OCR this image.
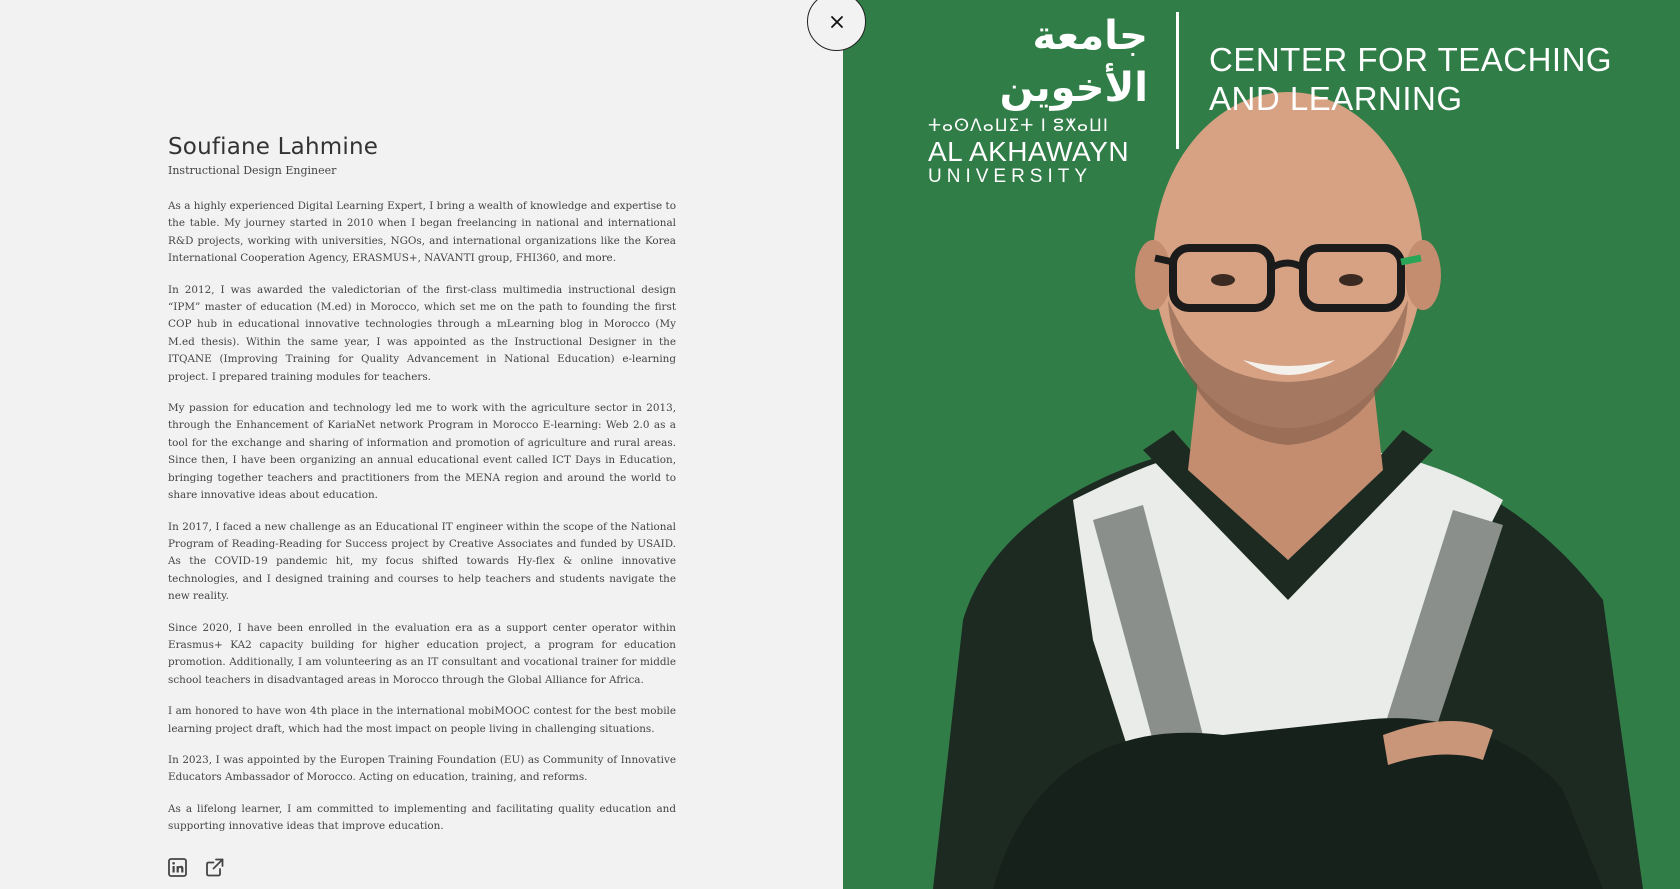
Soufiane Lahmine
Instructional Design Engineer

As a highly experienced Digital Learning Expert, I bring a wealth of knowledge and expertise to the table. My journey started in 2010 when I began freelancing in national and international R&D projects, working with universities, NGOs, and international organizations like the Korea International Cooperation Agency, ERASMUS+, NAVANTI group, FHI360, and more.

In 2012, I was awarded the valedictorian of the first-class multimedia instructional design “IPM” master of education (M.ed) in Morocco, which set me on the path to founding the first COP hub in educational innovative technologies through a mLearning blog in Morocco (My M.ed thesis). Within the same year, I was appointed as the Instructional Designer in the ITQANE (Improving Training for Quality Advancement in National Education) e-learning project. I prepared training modules for teachers.

My passion for education and technology led me to work with the agriculture sector in 2013, through the Enhancement of KariaNet network Program in Morocco E-learning: Web 2.0 as a tool for the exchange and sharing of information and promotion of agriculture and rural areas. Since then, I have been organizing an annual educational event called ICT Days in Education, bringing together teachers and practitioners from the MENA region and around the world to share innovative ideas about education.

In 2017, I faced a new challenge as an Educational IT engineer within the scope of the National Program of Reading-Reading for Success project by Creative Associates and funded by USAID. As the COVID-19 pandemic hit, my focus shifted towards Hy-flex & online innovative technologies, and I designed training and courses to help teachers and students navigate the new reality.

Since 2020, I have been enrolled in the evaluation era as a support center operator within Erasmus+ KA2 capacity building for higher education project, a program for education promotion. Additionally, I am volunteering as an IT consultant and vocational trainer for middle school teachers in disadvantaged areas in Morocco through the Global Alliance for Africa.

I am honored to have won 4th place in the international mobiMOOC contest for the best mobile learning project draft, which had the most impact on people living in challenging situations.

In 2023, I was appointed by the Europen Training Foundation (EU) as Community of Innovative Educators Ambassador of Morocco. Acting on education, training, and reforms.

As a lifelong learner, I am committed to implementing and facilitating quality education and supporting innovative ideas that improve education.

جامعة الأخوين
ⵜⴰⵙⴷⴰⵡⵉⵜ ⵏ ⵓⵅⴰⵡⵏ
AL AKHAWAYN
UNIVERSITY
CENTER FOR TEACHING
AND LEARNING
